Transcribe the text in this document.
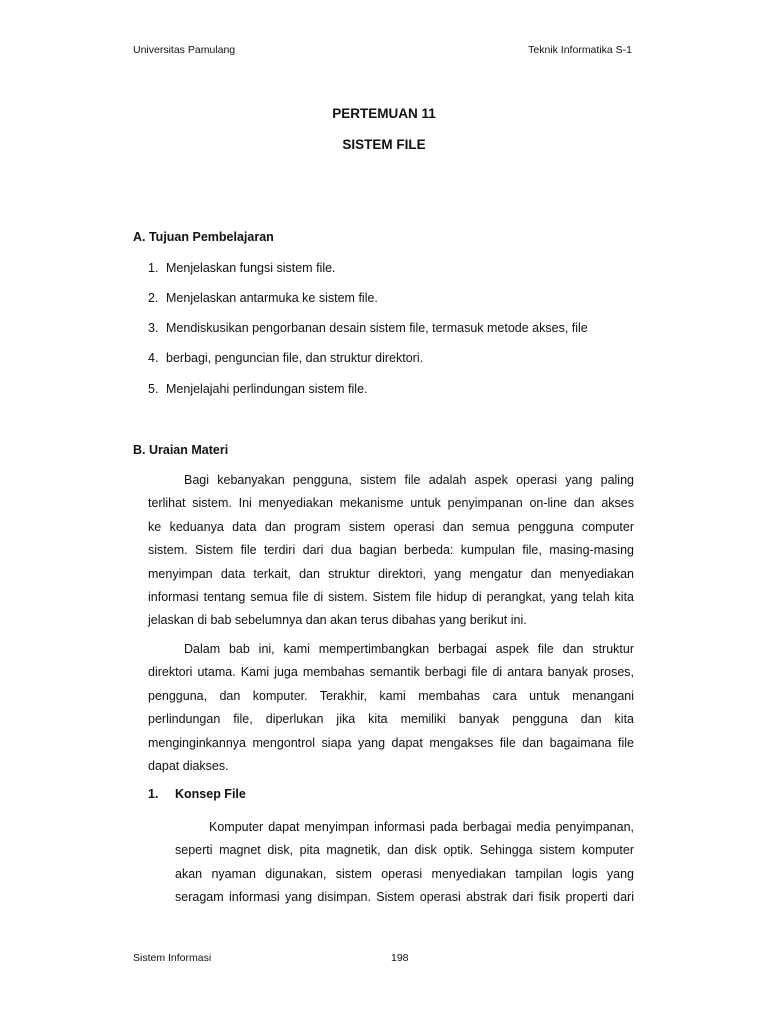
Universitas Pamulang	Teknik Informatika S-1
PERTEMUAN 11
SISTEM FILE
A. Tujuan Pembelajaran
1. Menjelaskan fungsi sistem file.
2. Menjelaskan antarmuka ke sistem file.
3. Mendiskusikan pengorbanan desain sistem file, termasuk metode akses, file
4. berbagi, penguncian file, dan struktur direktori.
5. Menjelajahi perlindungan sistem file.
B. Uraian Materi
Bagi kebanyakan pengguna, sistem file adalah aspek operasi yang paling
terlihat sistem. Ini menyediakan mekanisme untuk penyimpanan on-line dan akses
ke keduanya data dan program sistem operasi dan semua pengguna computer
sistem. Sistem file terdiri dari dua bagian berbeda: kumpulan file, masing-masing
menyimpan data terkait, dan struktur direktori, yang mengatur dan menyediakan
informasi tentang semua file di sistem. Sistem file hidup di perangkat, yang telah kita
jelaskan di bab sebelumnya dan akan terus dibahas yang berikut ini.
Dalam bab ini, kami mempertimbangkan berbagai aspek file dan struktur
direktori utama. Kami juga membahas semantik berbagi file di antara banyak proses,
pengguna, dan komputer. Terakhir, kami membahas cara untuk menangani
perlindungan file, diperlukan jika kita memiliki banyak pengguna dan kita
menginginkannya mengontrol siapa yang dapat mengakses file dan bagaimana file
dapat diakses.
1. Konsep File
Komputer dapat menyimpan informasi pada berbagai media penyimpanan,
seperti magnet disk, pita magnetik, dan disk optik. Sehingga sistem komputer
akan nyaman digunakan, sistem operasi menyediakan tampilan logis yang
seragam informasi yang disimpan. Sistem operasi abstrak dari fisik properti dari
Sistem Informasi	198
